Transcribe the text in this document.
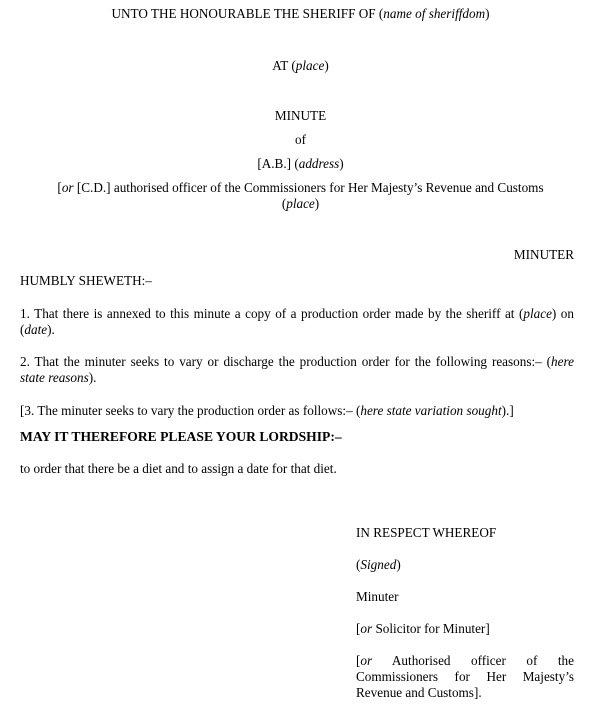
UNTO THE HONOURABLE THE SHERIFF OF (name of sheriffdom)
AT (place)
MINUTE
of
[A.B.] (address)
[or [C.D.] authorised officer of the Commissioners for Her Majesty’s Revenue and Customs
(place)
MINUTER
HUMBLY SHEWETH:–
1. That there is annexed to this minute a copy of a production order made by the sheriff at (place) on (date).
2. That the minuter seeks to vary or discharge the production order for the following reasons:– (here state reasons).
[3. The minuter seeks to vary the production order as follows:– (here state variation sought).]
MAY IT THEREFORE PLEASE YOUR LORDSHIP:–
to order that there be a diet and to assign a date for that diet.
IN RESPECT WHEREOF
(Signed)
Minuter
[or Solicitor for Minuter]
[or Authorised officer of the Commissioners for Her Majesty’s Revenue and Customs].
